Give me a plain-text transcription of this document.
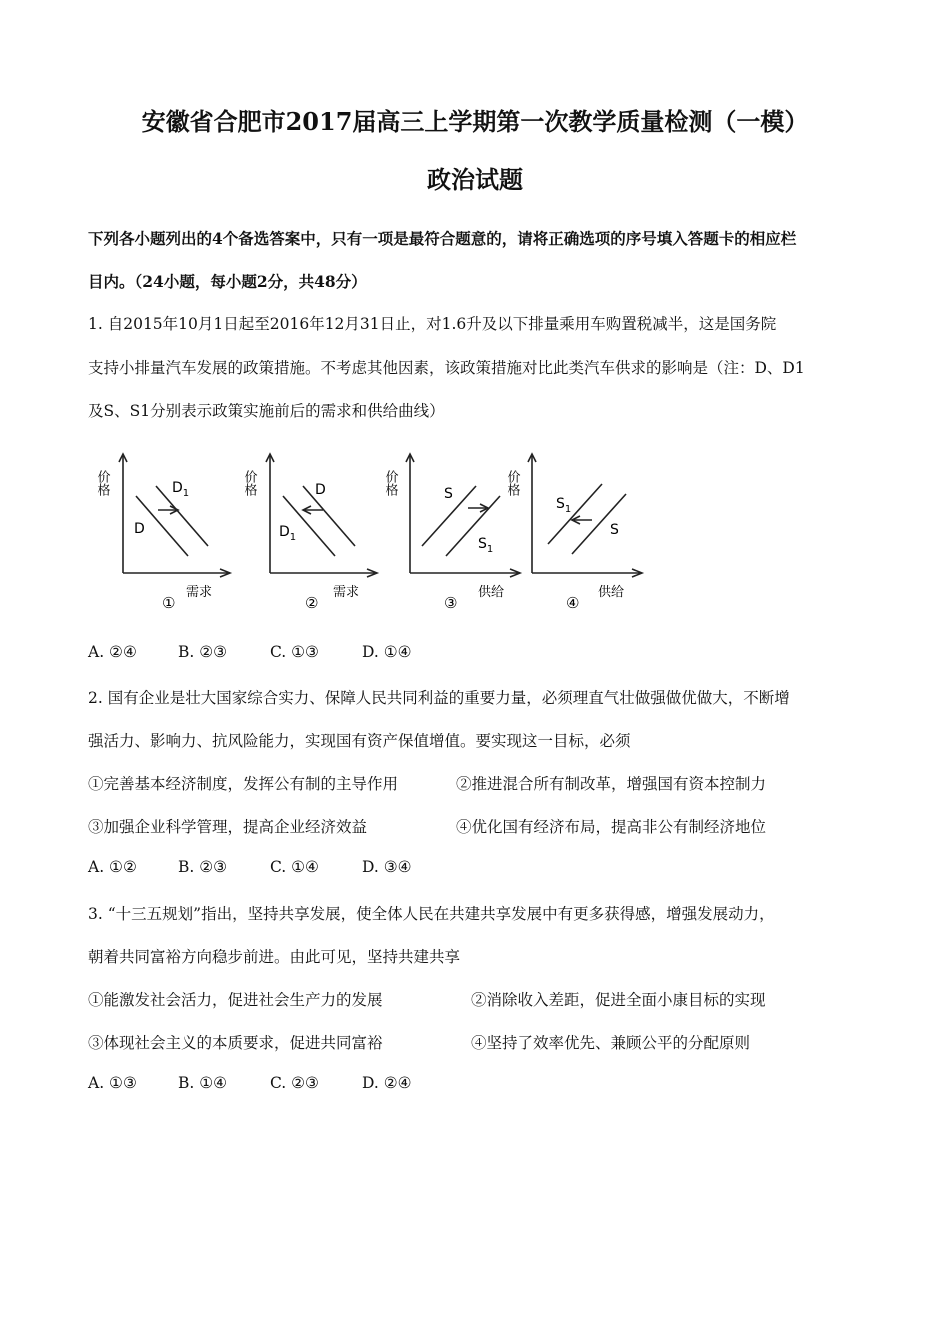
安徽省合肥市2017届高三上学期第一次教学质量检测（一模）
政治试题
下列各小题列出的4个备选答案中，只有一项是最符合题意的，请将正确选项的序号填入答题卡的相应栏
目内。（24小题，每小题2分，共48分）
1. 自2015年10月1日起至2016年12月31日止，对1.6升及以下排量乘用车购置税减半，这是国务院
支持小排量汽车发展的政策措施。不考虑其他因素，该政策措施对比此类汽车供求的影响是（注：D、D1
及S、S1分别表示政策实施前后的需求和供给曲线）
价格
D
$D_1$
需求
①
价格	D
$D_1$
需求
②
价格	S
$S_1$
供给
③
价格
$S_1$
S
供给
④
A. ②④	B. ②③	C. ①③	D. ①④
2. 国有企业是壮大国家综合实力、保障人民共同利益的重要力量，必须理直气壮做强做优做大，不断增
强活力、影响力、抗风险能力，实现国有资产保值增值。要实现这一目标，必须
①完善基本经济制度，发挥公有制的主导作用	②推进混合所有制改革，增强国有资本控制力
③加强企业科学管理，提高企业经济效益	④优化国有经济布局，提高非公有制经济地位
A. ①②	B. ②③	C. ①④	D. ③④
3. “十三五规划”指出，坚持共享发展，使全体人民在共建共享发展中有更多获得感，增强发展动力，
朝着共同富裕方向稳步前进。由此可见，坚持共建共享
①能激发社会活力，促进社会生产力的发展	②消除收入差距，促进全面小康目标的实现
③体现社会主义的本质要求，促进共同富裕	④坚持了效率优先、兼顾公平的分配原则
A. ①③	B. ①④	C. ②③	D. ②④
